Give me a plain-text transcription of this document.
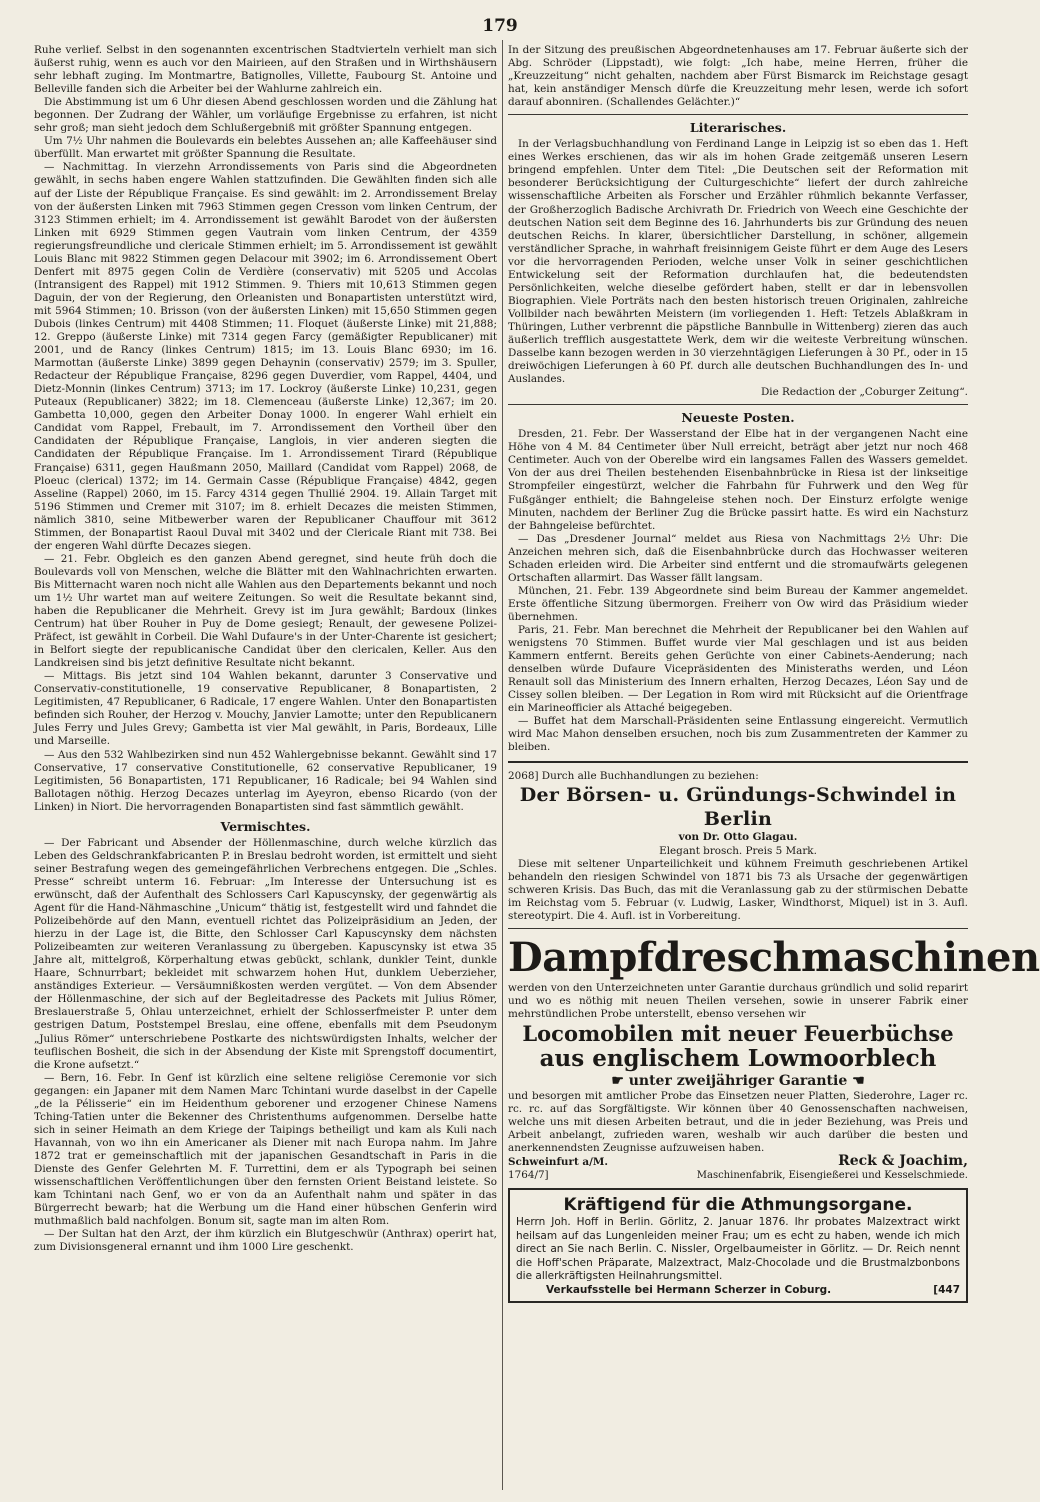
179

Ruhe verlief. Selbst in den sogenannten excentrischen Stadtvierteln verhielt man sich äußerst ruhig, wenn es auch vor den Mairieen, auf den Straßen und in Wirthshäusern sehr lebhaft zuging. Im Montmartre, Batignolles, Villette, Faubourg St. Antoine und Belleville fanden sich die Arbeiter bei der Wahlurne zahlreich ein.

Die Abstimmung ist um 6 Uhr diesen Abend geschlossen worden und die Zählung hat begonnen. Der Zudrang der Wähler, um vorläufige Ergebnisse zu erfahren, ist nicht sehr groß; man sieht jedoch dem Schlußergebniß mit größter Spannung entgegen.

Um 7½ Uhr nahmen die Boulevards ein belebtes Aussehen an; alle Kaffeehäuser sind überfüllt. Man erwartet mit größter Spannung die Resultate.

— Nachmittag. In vierzehn Arrondissements von Paris sind die Abgeordneten gewählt, in sechs haben engere Wahlen stattzufinden. Die Gewählten finden sich alle auf der Liste der République Française. Es sind gewählt: im 2. Arrondissement Brelay von der äußersten Linken mit 7963 Stimmen gegen Cresson vom linken Centrum, der 3123 Stimmen erhielt; im 4. Arrondissement ist gewählt Barodet von der äußersten Linken mit 6929 Stimmen gegen Vautrain vom linken Centrum, der 4359 regierungsfreundliche und clericale Stimmen erhielt; im 5. Arrondissement ist gewählt Louis Blanc mit 9822 Stimmen gegen Delacour mit 3902; im 6. Arrondissement Obert Denfert mit 8975 gegen Colin de Verdière (conservativ) mit 5205 und Accolas (Intransigent des Rappel) mit 1912 Stimmen. 9. Thiers mit 10,613 Stimmen gegen Daguin, der von der Regierung, den Orleanisten und Bonapartisten unterstützt wird, mit 5964 Stimmen; 10. Brisson (von der äußersten Linken) mit 15,650 Stimmen gegen Dubois (linkes Centrum) mit 4408 Stimmen; 11. Floquet (äußerste Linke) mit 21,888; 12. Greppo (äußerste Linke) mit 7314 gegen Farcy (gemäßigter Republicaner) mit 2001, und de Rancy (linkes Centrum) 1815; im 13. Louis Blanc 6930; im 16. Marmottan (äußerste Linke) 3899 gegen Dehaynin (conservativ) 2579; im 3. Spuller, Redacteur der République Française, 8296 gegen Duverdier, vom Rappel, 4404, und Dietz-Monnin (linkes Centrum) 3713; im 17. Lockroy (äußerste Linke) 10,231, gegen Puteaux (Republicaner) 3822; im 18. Clemenceau (äußerste Linke) 12,367; im 20. Gambetta 10,000, gegen den Arbeiter Donay 1000. In engerer Wahl erhielt ein Candidat vom Rappel, Frebault, im 7. Arrondissement den Vortheil über den Candidaten der République Française, Langlois, in vier anderen siegten die Candidaten der République Française. Im 1. Arrondissement Tirard (République Française) 6311, gegen Haußmann 2050, Maillard (Candidat vom Rappel) 2068, de Ploeuc (clerical) 1372; im 14. Germain Casse (République Française) 4842, gegen Asseline (Rappel) 2060, im 15. Farcy 4314 gegen Thullié 2904. 19. Allain Target mit 5196 Stimmen und Cremer mit 3107; im 8. erhielt Decazes die meisten Stimmen, nämlich 3810, seine Mitbewerber waren der Republicaner Chauffour mit 3612 Stimmen, der Bonapartist Raoul Duval mit 3402 und der Clericale Riant mit 738. Bei der engeren Wahl dürfte Decazes siegen.

— 21. Febr. Obgleich es den ganzen Abend geregnet, sind heute früh doch die Boulevards voll von Menschen, welche die Blätter mit den Wahlnachrichten erwarten. Bis Mitternacht waren noch nicht alle Wahlen aus den Departements bekannt und noch um 1½ Uhr wartet man auf weitere Zeitungen. So weit die Resultate bekannt sind, haben die Republicaner die Mehrheit. Grevy ist im Jura gewählt; Bardoux (linkes Centrum) hat über Rouher in Puy de Dome gesiegt; Renault, der gewesene Polizei-Präfect, ist gewählt in Corbeil. Die Wahl Dufaure's in der Unter-Charente ist gesichert; in Belfort siegte der republicanische Candidat über den clericalen, Keller. Aus den Landkreisen sind bis jetzt definitive Resultate nicht bekannt.

— Mittags. Bis jetzt sind 104 Wahlen bekannt, darunter 3 Conservative und Conservativ-constitutionelle, 19 conservative Republicaner, 8 Bonapartisten, 2 Legitimisten, 47 Republicaner, 6 Radicale, 17 engere Wahlen. Unter den Bonapartisten befinden sich Rouher, der Herzog v. Mouchy, Janvier Lamotte; unter den Republicanern Jules Ferry und Jules Grevy; Gambetta ist vier Mal gewählt, in Paris, Bordeaux, Lille und Marseille.

— Aus den 532 Wahlbezirken sind nun 452 Wahlergebnisse bekannt. Gewählt sind 17 Conservative, 17 conservative Constitutionelle, 62 conservative Republicaner, 19 Legitimisten, 56 Bonapartisten, 171 Republicaner, 16 Radicale; bei 94 Wahlen sind Ballotagen nöthig. Herzog Decazes unterlag im Ayeyron, ebenso Ricardo (von der Linken) in Niort. Die hervorragenden Bonapartisten sind fast sämmtlich gewählt.

Vermischtes.

— Der Fabricant und Absender der Höllenmaschine, durch welche kürzlich das Leben des Geldschrankfabricanten P. in Breslau bedroht worden, ist ermittelt und sieht seiner Bestrafung wegen des gemeingefährlichen Verbrechens entgegen. Die „Schles. Presse“ schreibt unterm 16. Februar: „Im Interesse der Untersuchung ist es erwünscht, daß der Aufenthalt des Schlossers Carl Kapuscynsky, der gegenwärtig als Agent für die Hand-Nähmaschine „Unicum“ thätig ist, festgestellt wird und fahndet die Polizeibehörde auf den Mann, eventuell richtet das Polizeipräsidium an Jeden, der hierzu in der Lage ist, die Bitte, den Schlosser Carl Kapuscynsky dem nächsten Polizeibeamten zur weiteren Veranlassung zu übergeben. Kapuscynsky ist etwa 35 Jahre alt, mittelgroß, Körperhaltung etwas gebückt, schlank, dunkler Teint, dunkle Haare, Schnurrbart; bekleidet mit schwarzem hohen Hut, dunklem Ueberzieher, anständiges Exterieur. — Versäumnißkosten werden vergütet. — Von dem Absender der Höllenmaschine, der sich auf der Begleitadresse des Packets mit Julius Römer, Breslauerstraße 5, Ohlau unterzeichnet, erhielt der Schlosserfmeister P. unter dem gestrigen Datum, Poststempel Breslau, eine offene, ebenfalls mit dem Pseudonym „Julius Römer“ unterschriebene Postkarte des nichtswürdigsten Inhalts, welcher der teuflischen Bosheit, die sich in der Absendung der Kiste mit Sprengstoff documentirt, die Krone aufsetzt.“

— Bern, 16. Febr. In Genf ist kürzlich eine seltene religiöse Ceremonie vor sich gegangen: ein Japaner mit dem Namen Marc Tchintani wurde daselbst in der Capelle „de la Pélisserie“ ein im Heidenthum geborener und erzogener Chinese Namens Tching-Tatien unter die Bekenner des Christenthums aufgenommen. Derselbe hatte sich in seiner Heimath an dem Kriege der Taipings betheiligt und kam als Kuli nach Havannah, von wo ihn ein Americaner als Diener mit nach Europa nahm. Im Jahre 1872 trat er gemeinschaftlich mit der japanischen Gesandtschaft in Paris in die Dienste des Genfer Gelehrten M. F. Turrettini, dem er als Typograph bei seinen wissenschaftlichen Veröffentlichungen über den fernsten Orient Beistand leistete. So kam Tchintani nach Genf, wo er von da an Aufenthalt nahm und später in das Bürgerrecht bewarb; hat die Werbung um die Hand einer hübschen Genferin wird muthmaßlich bald nachfolgen. Bonum sit, sagte man im alten Rom.

— Der Sultan hat den Arzt, der ihm kürzlich ein Blutgeschwür (Anthrax) operirt hat, zum Divisionsgeneral ernannt und ihm 1000 Lire geschenkt.

In der Sitzung des preußischen Abgeordnetenhauses am 17. Februar äußerte sich der Abg. Schröder (Lippstadt), wie folgt: „Ich habe, meine Herren, früher die „Kreuzzeitung“ nicht gehalten, nachdem aber Fürst Bismarck im Reichstage gesagt hat, kein anständiger Mensch dürfe die Kreuzzeitung mehr lesen, werde ich sofort darauf abonniren. (Schallendes Gelächter.)“

Literarisches.

In der Verlagsbuchhandlung von Ferdinand Lange in Leipzig ist so eben das 1. Heft eines Werkes erschienen, das wir als im hohen Grade zeitgemäß unseren Lesern bringend empfehlen. Unter dem Titel: „Die Deutschen seit der Reformation mit besonderer Berücksichtigung der Culturgeschichte“ liefert der durch zahlreiche wissenschaftliche Arbeiten als Forscher und Erzähler rühmlich bekannte Verfasser, der Großherzoglich Badische Archivrath Dr. Friedrich von Weech eine Geschichte der deutschen Nation seit dem Beginne des 16. Jahrhunderts bis zur Gründung des neuen deutschen Reichs. In klarer, übersichtlicher Darstellung, in schöner, allgemein verständlicher Sprache, in wahrhaft freisinnigem Geiste führt er dem Auge des Lesers vor die hervorragenden Perioden, welche unser Volk in seiner geschichtlichen Entwickelung seit der Reformation durchlaufen hat, die bedeutendsten Persönlichkeiten, welche dieselbe gefördert haben, stellt er dar in lebensvollen Biographien. Viele Porträts nach den besten historisch treuen Originalen, zahlreiche Vollbilder nach bewährten Meistern (im vorliegenden 1. Heft: Tetzels Ablaßkram in Thüringen, Luther verbrennt die päpstliche Bannbulle in Wittenberg) zieren das auch äußerlich trefflich ausgestattete Werk, dem wir die weiteste Verbreitung wünschen. Dasselbe kann bezogen werden in 30 vierzehntägigen Lieferungen à 30 Pf., oder in 15 dreiwöchigen Lieferungen à 60 Pf. durch alle deutschen Buchhandlungen des In- und Auslandes.

Die Redaction der „Coburger Zeitung“.

Neueste Posten.

Dresden, 21. Febr. Der Wasserstand der Elbe hat in der vergangenen Nacht eine Höhe von 4 M. 84 Centimeter über Null erreicht, beträgt aber jetzt nur noch 468 Centimeter. Auch von der Oberelbe wird ein langsames Fallen des Wassers gemeldet. Von der aus drei Theilen bestehenden Eisenbahnbrücke in Riesa ist der linkseitige Strompfeiler eingestürzt, welcher die Fahrbahn für Fuhrwerk und den Weg für Fußgänger enthielt; die Bahngeleise stehen noch. Der Einsturz erfolgte wenige Minuten, nachdem der Berliner Zug die Brücke passirt hatte. Es wird ein Nachsturz der Bahngeleise befürchtet.

— Das „Dresdener Journal“ meldet aus Riesa von Nachmittags 2½ Uhr: Die Anzeichen mehren sich, daß die Eisenbahnbrücke durch das Hochwasser weiteren Schaden erleiden wird. Die Arbeiter sind entfernt und die stromaufwärts gelegenen Ortschaften allarmirt. Das Wasser fällt langsam.

München, 21. Febr. 139 Abgeordnete sind beim Bureau der Kammer angemeldet. Erste öffentliche Sitzung übermorgen. Freiherr von Ow wird das Präsidium wieder übernehmen.

Paris, 21. Febr. Man berechnet die Mehrheit der Republicaner bei den Wahlen auf wenigstens 70 Stimmen. Buffet wurde vier Mal geschlagen und ist aus beiden Kammern entfernt. Bereits gehen Gerüchte von einer Cabinets-Aenderung; nach denselben würde Dufaure Vicepräsidenten des Ministeraths werden, und Léon Renault soll das Ministerium des Innern erhalten, Herzog Decazes, Léon Say und de Cissey sollen bleiben. — Der Legation in Rom wird mit Rücksicht auf die Orientfrage ein Marineofficier als Attaché beigegeben.

— Buffet hat dem Marschall-Präsidenten seine Entlassung eingereicht. Vermutlich wird Mac Mahon denselben ersuchen, noch bis zum Zusammentreten der Kammer zu bleiben.

2068] Durch alle Buchhandlungen zu beziehen:

Der Börsen- u. Gründungs-Schwindel in Berlin

von Dr. Otto Glagau.

Elegant brosch. Preis 5 Mark.

Diese mit seltener Unparteilichkeit und kühnem Freimuth geschriebenen Artikel behandeln den riesigen Schwindel von 1871 bis 73 als Ursache der gegenwärtigen schweren Krisis. Das Buch, das mit die Veranlassung gab zu der stürmischen Debatte im Reichstag vom 5. Februar (v. Ludwig, Lasker, Windthorst, Miquel) ist in 3. Aufl. stereotypirt. Die 4. Aufl. ist in Vorbereitung.

Dampfdreschmaschinen

werden von den Unterzeichneten unter Garantie durchaus gründlich und solid reparirt und wo es nöthig mit neuen Theilen versehen, sowie in unserer Fabrik einer mehrstündlichen Probe unterstellt, ebenso versehen wir

Locomobilen mit neuer Feuerbüchse
aus englischem Lowmoorblech
☛ unter zweijähriger Garantie ☚

und besorgen mit amtlicher Probe das Einsetzen neuer Platten, Siederohre, Lager rc. rc. rc. auf das Sorgfältigste. Wir können über 40 Genossenschaften nachweisen, welche uns mit diesen Arbeiten betraut, und die in jeder Beziehung, was Preis und Arbeit anbelangt, zufrieden waren, weshalb wir auch darüber die besten und anerkennendsten Zeugnisse aufzuweisen haben.

Schweinfurt a/M.	Reck & Joachim,
1764/7]	Maschinenfabrik, Eisengießerei und Kesselschmiede.
Kräftigend für die Athmungsorgane.
Herrn Joh. Hoff in Berlin. Görlitz, 2. Januar 1876. Ihr probates Malzextract wirkt heilsam auf das Lungenleiden meiner Frau; um es echt zu haben, wende ich mich direct an Sie nach Berlin. C. Nissler, Orgelbaumeister in Görlitz. — Dr. Reich nennt die Hoff'schen Präparate, Malzextract, Malz-Chocolade und die Brustmalzbonbons die allerkräftigsten Heilnahrungsmittel.
Verkaufsstelle bei Hermann Scherzer in Coburg.	[447
